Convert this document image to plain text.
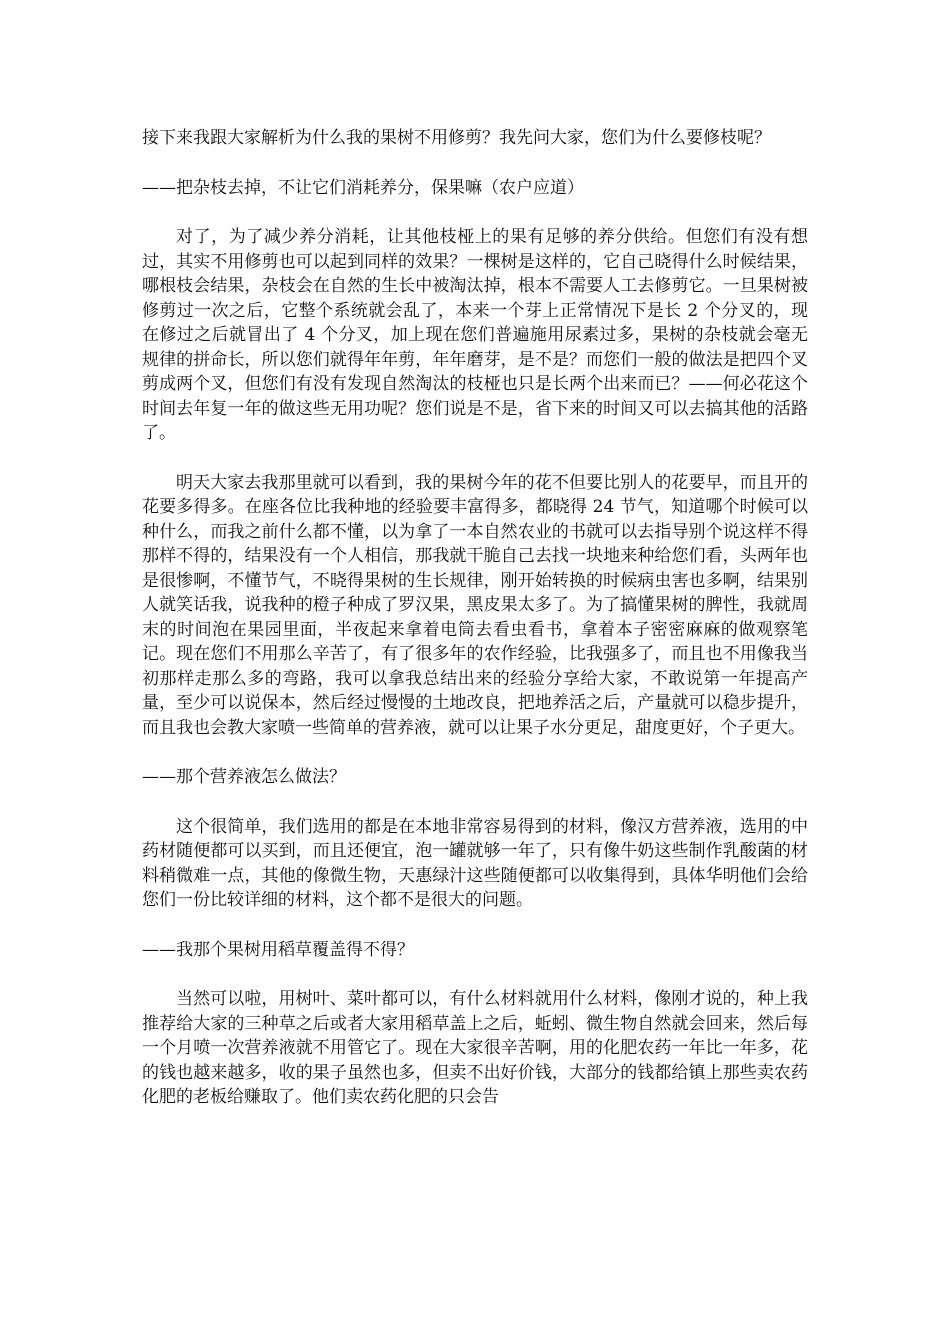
接下来我跟大家解析为什么我的果树不用修剪？我先问大家，您们为什么要修枝呢？

——把杂枝去掉，不让它们消耗养分，保果嘛（农户应道）

对了，为了减少养分消耗，让其他枝桠上的果有足够的养分供给。但您们有没有想过，其实不用修剪也可以起到同样的效果？一棵树是这样的，它自己晓得什么时候结果，哪根枝会结果，杂枝会在自然的生长中被淘汰掉，根本不需要人工去修剪它。一旦果树被修剪过一次之后，它整个系统就会乱了，本来一个芽上正常情况下是长 2 个分叉的，现在修过之后就冒出了 4 个分叉，加上现在您们普遍施用尿素过多，果树的杂枝就会毫无规律的拼命长，所以您们就得年年剪，年年磨芽，是不是？而您们一般的做法是把四个叉剪成两个叉，但您们有没有发现自然淘汰的枝桠也只是长两个出来而已？——何必花这个时间去年复一年的做这些无用功呢？您们说是不是，省下来的时间又可以去搞其他的活路了。

明天大家去我那里就可以看到，我的果树今年的花不但要比别人的花要早，而且开的花要多得多。在座各位比我种地的经验要丰富得多，都晓得 24 节气，知道哪个时候可以种什么，而我之前什么都不懂，以为拿了一本自然农业的书就可以去指导别个说这样不得那样不得的，结果没有一个人相信，那我就干脆自己去找一块地来种给您们看，头两年也是很惨啊，不懂节气，不晓得果树的生长规律，刚开始转换的时候病虫害也多啊，结果别人就笑话我，说我种的橙子种成了罗汉果，黑皮果太多了。为了搞懂果树的脾性，我就周末的时间泡在果园里面，半夜起来拿着电筒去看虫看书，拿着本子密密麻麻的做观察笔记。现在您们不用那么辛苦了，有了很多年的农作经验，比我强多了，而且也不用像我当初那样走那么多的弯路，我可以拿我总结出来的经验分享给大家，不敢说第一年提高产量，至少可以说保本，然后经过慢慢的土地改良，把地养活之后，产量就可以稳步提升，而且我也会教大家喷一些简单的营养液，就可以让果子水分更足，甜度更好，个子更大。

——那个营养液怎么做法？

这个很简单，我们选用的都是在本地非常容易得到的材料，像汉方营养液，选用的中药材随便都可以买到，而且还便宜，泡一罐就够一年了，只有像牛奶这些制作乳酸菌的材料稍微难一点，其他的像微生物，天惠绿汁这些随便都可以收集得到，具体华明他们会给您们一份比较详细的材料，这个都不是很大的问题。

——我那个果树用稻草覆盖得不得？

当然可以啦，用树叶、菜叶都可以，有什么材料就用什么材料，像刚才说的，种上我推荐给大家的三种草之后或者大家用稻草盖上之后，蚯蚓、微生物自然就会回来，然后每一个月喷一次营养液就不用管它了。现在大家很辛苦啊，用的化肥农药一年比一年多，花的钱也越来越多，收的果子虽然也多，但卖不出好价钱，大部分的钱都给镇上那些卖农药化肥的老板给赚取了。他们卖农药化肥的只会告
